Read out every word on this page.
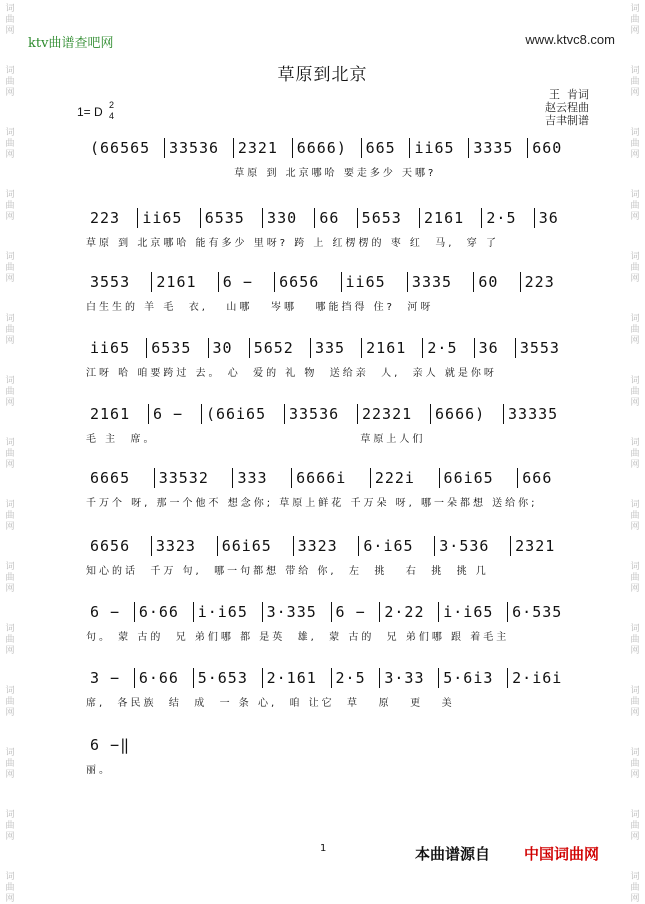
词
曲
网
词
曲
网
词
曲
网
词
曲
网
词
曲
网
词
曲
网
词
曲
网
词
曲
网
词
曲
网
词
曲
网
词
曲
网
词
曲
网
词
曲
网
词
曲
网
词
曲
网
词
曲
网
词
曲
网
词
曲
网
词
曲
网
词
曲
网
词
曲
网
词
曲
网
词
曲
网
词
曲
网
词
曲
网
词
曲
网
词
曲
网
词
曲
网
词
曲
网
词
曲
网
ktv曲谱查吧网	www.ktvc8.com
草原到北京
王  肯词
赵云程曲
吉聿制谱
1= D 2
4
(66565	33536	2321	6666)	665	ii65	3335	660
草原 到 北京哪哈 要走多少 天哪?
223	ii65	6535	330	66	5653	2161	2·5	36
草原 到 北京哪哈 能有多少 里呀? 跨 上 红楞楞的 枣 红  马,  穿 了
3553	2161	6 −	6656	ii65	3335	60	223
白生生的 羊 毛  衣,   山哪   岑哪   哪能挡得 住?  河呀
ii65	6535	30	5652	335	2161	2·5	36	3553
江呀 哈 咱要跨过 去。 心  爱的 礼 物  送给亲  人,  亲人 就是你呀
2161	6 −	(66i65	33536	22321	6666)	33335
毛 主  席。                                 草原上人们
6665	33532	333	6666i	222i	66i65	666
千万个 呀, 那一个他不 想念你; 草原上鲜花 千万朵 呀, 哪一朵都想 送给你;
6656	3323	66i65	3323	6·i65	3·536	2321
知心的话  千万 句,  哪一句都想 带给 你,  左  挑   右  挑  挑 几
6 −	6·66	i·i65	3·335	6 −	2·22	i·i65	6·535
句。 蒙 古的  兄 弟们哪 都 是英  雄,  蒙 古的  兄 弟们哪 跟 着毛主
3 −	6·66	5·653	2·161	2·5	3·33	5·6i3	2·i6i
席,  各民族  结  成  一 条 心,  咱 让它  草   原   更   美
6 −‖
丽。
1	本曲谱源自 中国词曲网
